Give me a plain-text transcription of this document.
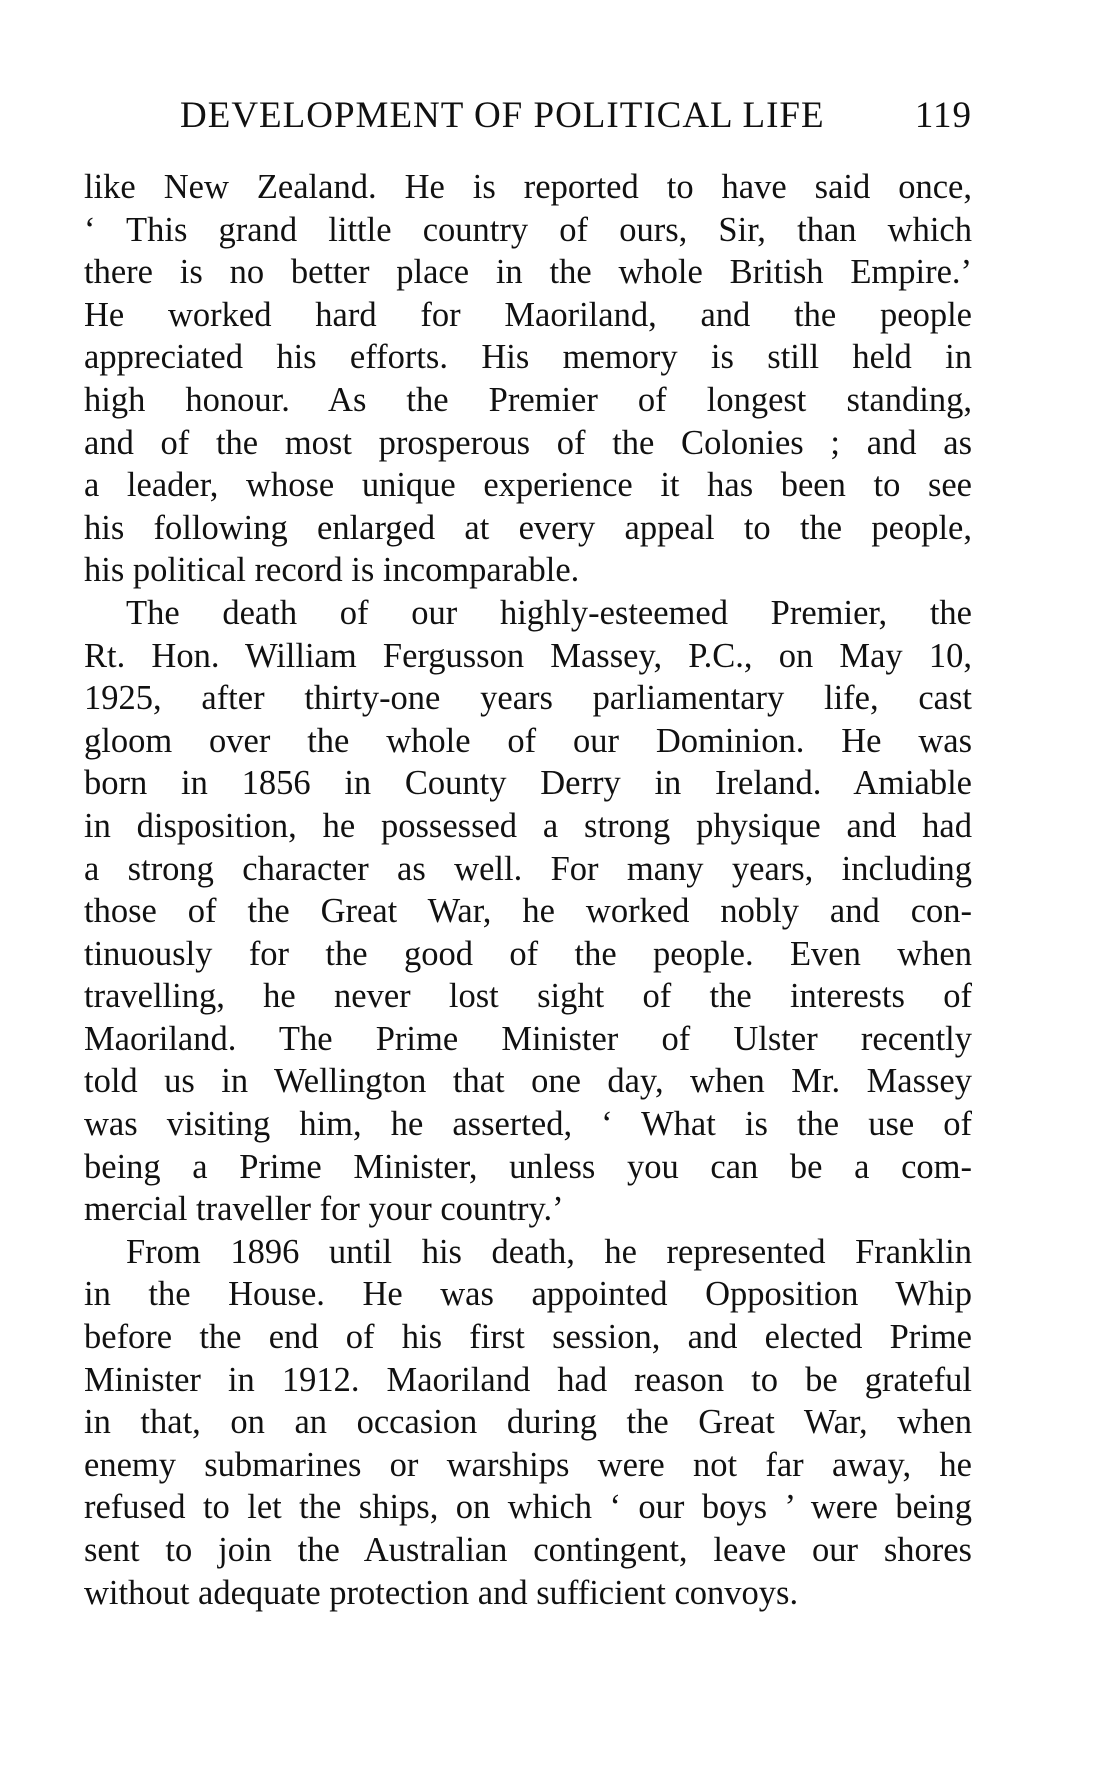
DEVELOPMENT OF POLITICAL LIFE 119
like New Zealand. He is reported to have said once,
‘ This grand little country of ours, Sir, than which
there is no better place in the whole British Empire.’
He worked hard for Maoriland, and the people
appreciated his efforts. His memory is still held in
high honour. As the Premier of longest standing,
and of the most prosperous of the Colonies ; and as
a leader, whose unique experience it has been to see
his following enlarged at every appeal to the people,
his political record is incomparable.
The death of our highly-esteemed Premier, the
Rt. Hon. William Fergusson Massey, P.C., on May 10,
1925, after thirty-one years parliamentary life, cast
gloom over the whole of our Dominion. He was
born in 1856 in County Derry in Ireland. Amiable
in disposition, he possessed a strong physique and had
a strong character as well. For many years, including
those of the Great War, he worked nobly and con-
tinuously for the good of the people. Even when
travelling, he never lost sight of the interests of
Maoriland. The Prime Minister of Ulster recently
told us in Wellington that one day, when Mr. Massey
was visiting him, he asserted, ‘ What is the use of
being a Prime Minister, unless you can be a com-
mercial traveller for your country.’
From 1896 until his death, he represented Franklin
in the House. He was appointed Opposition Whip
before the end of his first session, and elected Prime
Minister in 1912. Maoriland had reason to be grateful
in that, on an occasion during the Great War, when
enemy submarines or warships were not far away, he
refused to let the ships, on which ‘ our boys ’ were being
sent to join the Australian contingent, leave our shores
without adequate protection and sufficient convoys.
